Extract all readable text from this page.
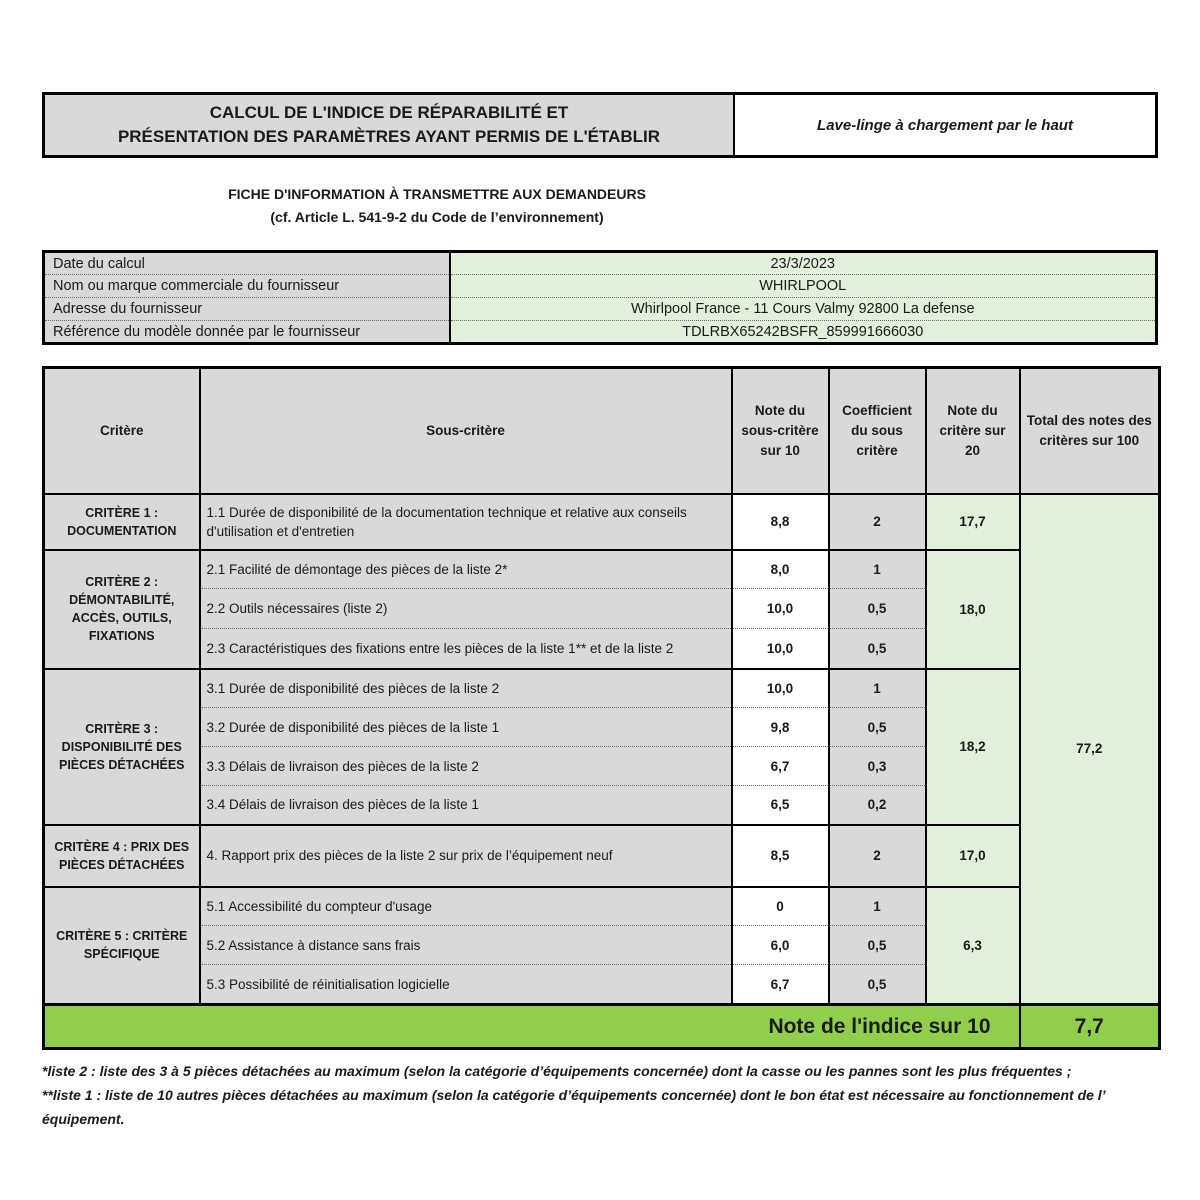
CALCUL DE L'INDICE DE RÉPARABILITÉ ET
PRÉSENTATION DES PARAMÈTRES AYANT PERMIS DE L'ÉTABLIR
Lave-linge à chargement par le haut
FICHE D'INFORMATION À TRANSMETTRE AUX DEMANDEURS
(cf. Article L. 541-9-2 du Code de l’environnement)
Date du calcul	23/3/2023
Nom ou marque commerciale du fournisseur	WHIRLPOOL
Adresse du fournisseur	Whirlpool France - 11 Cours Valmy 92800 La defense
Référence du modèle donnée par le fournisseur	TDLRBX65242BSFR_859991666030
Critère	Sous-critère	Note du sous-critère sur 10	Coefficient du sous critère	Note du critère sur 20	Total des notes des critères sur 100
CRITÈRE 1 : DOCUMENTATION	1.1 Durée de disponibilité de la documentation technique et relative aux conseils d'utilisation et d'entretien	8,8	2	17,7	77,2
CRITÈRE 2 : DÉMONTABILITÉ, ACCÈS, OUTILS, FIXATIONS	2.1 Facilité de démontage des pièces de la liste 2*	8,0	1	18,0	
	2.2 Outils nécessaires (liste 2)	10,0	0,5		
	2.3 Caractéristiques des fixations entre les pièces de la liste 1** et de la liste 2	10,0	0,5		
CRITÈRE 3 : DISPONIBILITÉ DES PIÈCES DÉTACHÉES	3.1 Durée de disponibilité des pièces de la liste 2	10,0	1	18,2	
	3.2 Durée de disponibilité des pièces de la liste 1	9,8	0,5		
	3.3 Délais de livraison des pièces de la liste 2	6,7	0,3		
	3.4 Délais de livraison des pièces de la liste 1	6,5	0,2		
CRITÈRE 4 : PRIX DES PIÈCES DÉTACHÉES	4. Rapport prix des pièces de la liste 2 sur prix de l’équipement neuf	8,5	2	17,0	
CRITÈRE 5 : CRITÈRE SPÉCIFIQUE	5.1 Accessibilité du compteur d'usage	0	1	6,3	
	5.2 Assistance à distance sans frais	6,0	0,5		
	5.3 Possibilité de réinitialisation logicielle	6,7	0,5		
Note de l'indice sur 10					7,7
*liste 2 : liste des 3 à 5 pièces détachées au maximum (selon la catégorie d’équipements concernée) dont la casse ou les pannes sont les plus fréquentes ;
**liste 1 : liste de 10 autres pièces détachées au maximum (selon la catégorie d’équipements concernée) dont le bon état est nécessaire au fonctionnement de l’ équipement.
